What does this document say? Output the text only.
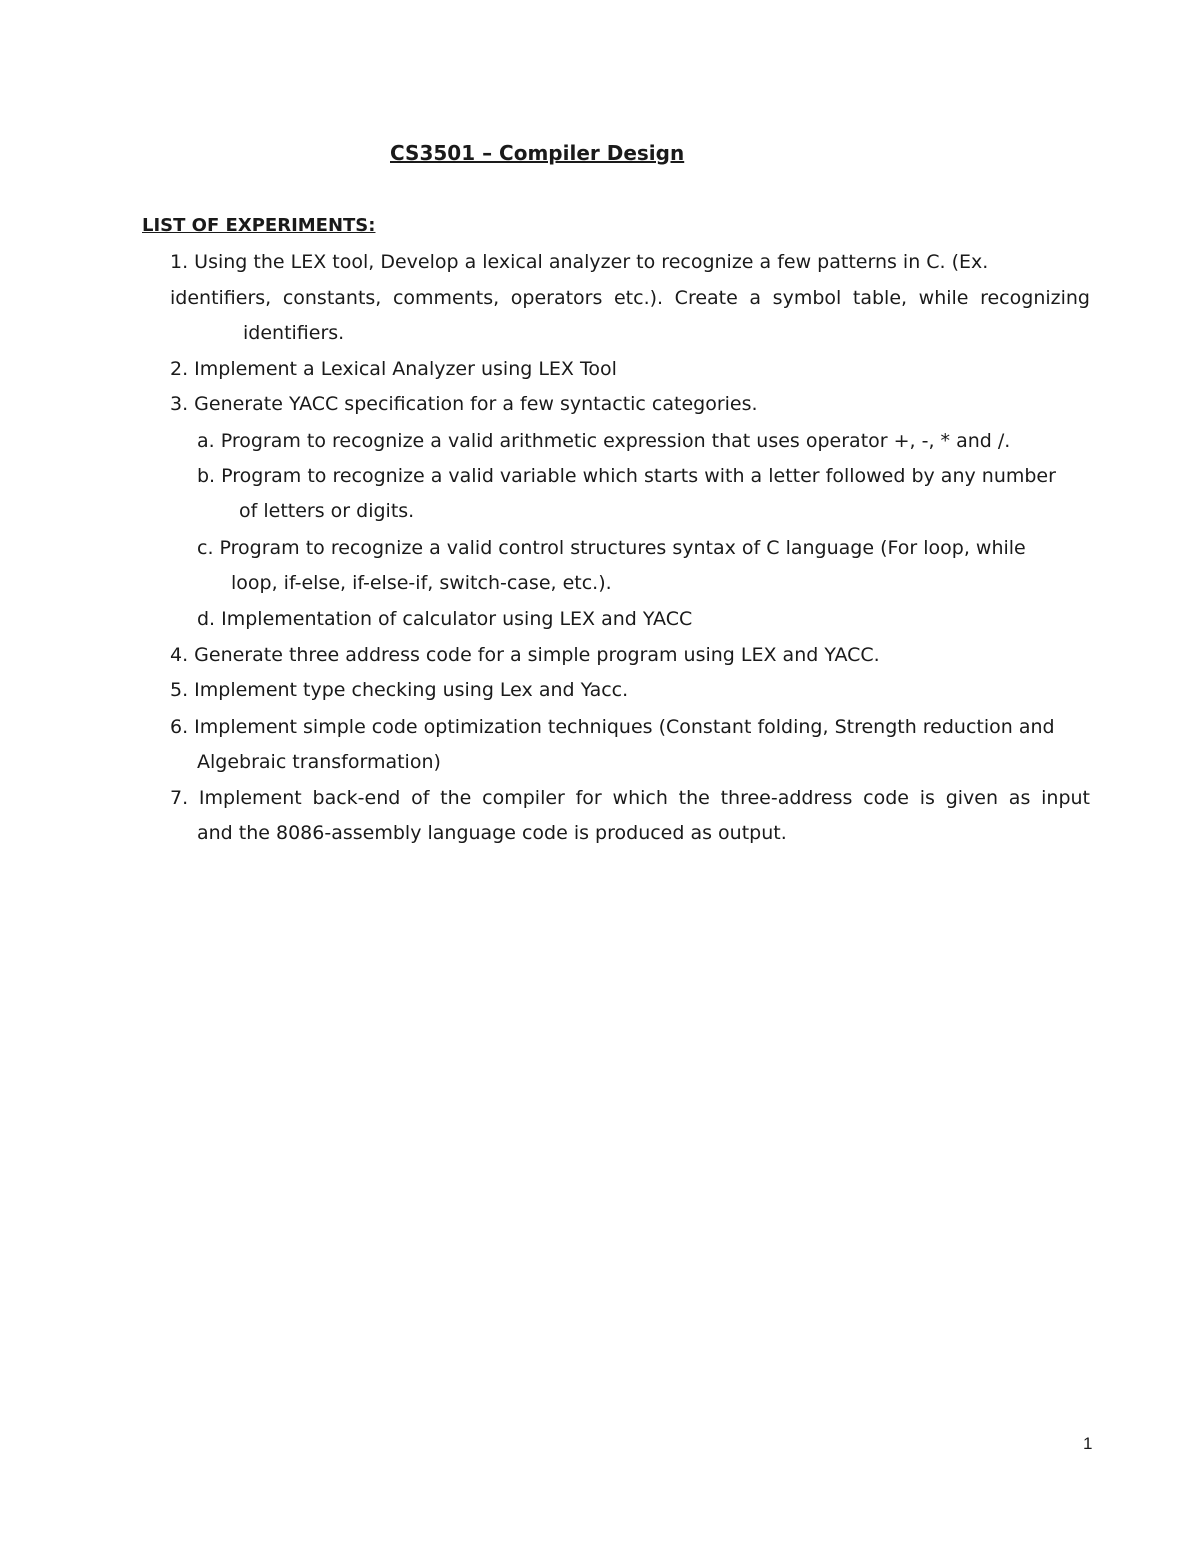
CS3501 – Compiler Design
LIST OF EXPERIMENTS:
1. Using the LEX tool, Develop a lexical analyzer to recognize a few patterns in C. (Ex.
identifiers, constants, comments, operators etc.). Create a symbol table, while recognizing
identifiers.
2. Implement a Lexical Analyzer using LEX Tool
3. Generate YACC specification for a few syntactic categories.
a. Program to recognize a valid arithmetic expression that uses operator +, -, * and /.
b. Program to recognize a valid variable which starts with a letter followed by any number
of letters or digits.
c. Program to recognize a valid control structures syntax of C language (For loop, while
loop, if-else, if-else-if, switch-case, etc.).
d. Implementation of calculator using LEX and YACC
4. Generate three address code for a simple program using LEX and YACC.
5. Implement type checking using Lex and Yacc.
6. Implement simple code optimization techniques (Constant folding, Strength reduction and
Algebraic transformation)
7. Implement back-end of the compiler for which the three-address code is given as input
and the 8086-assembly language code is produced as output.
1
